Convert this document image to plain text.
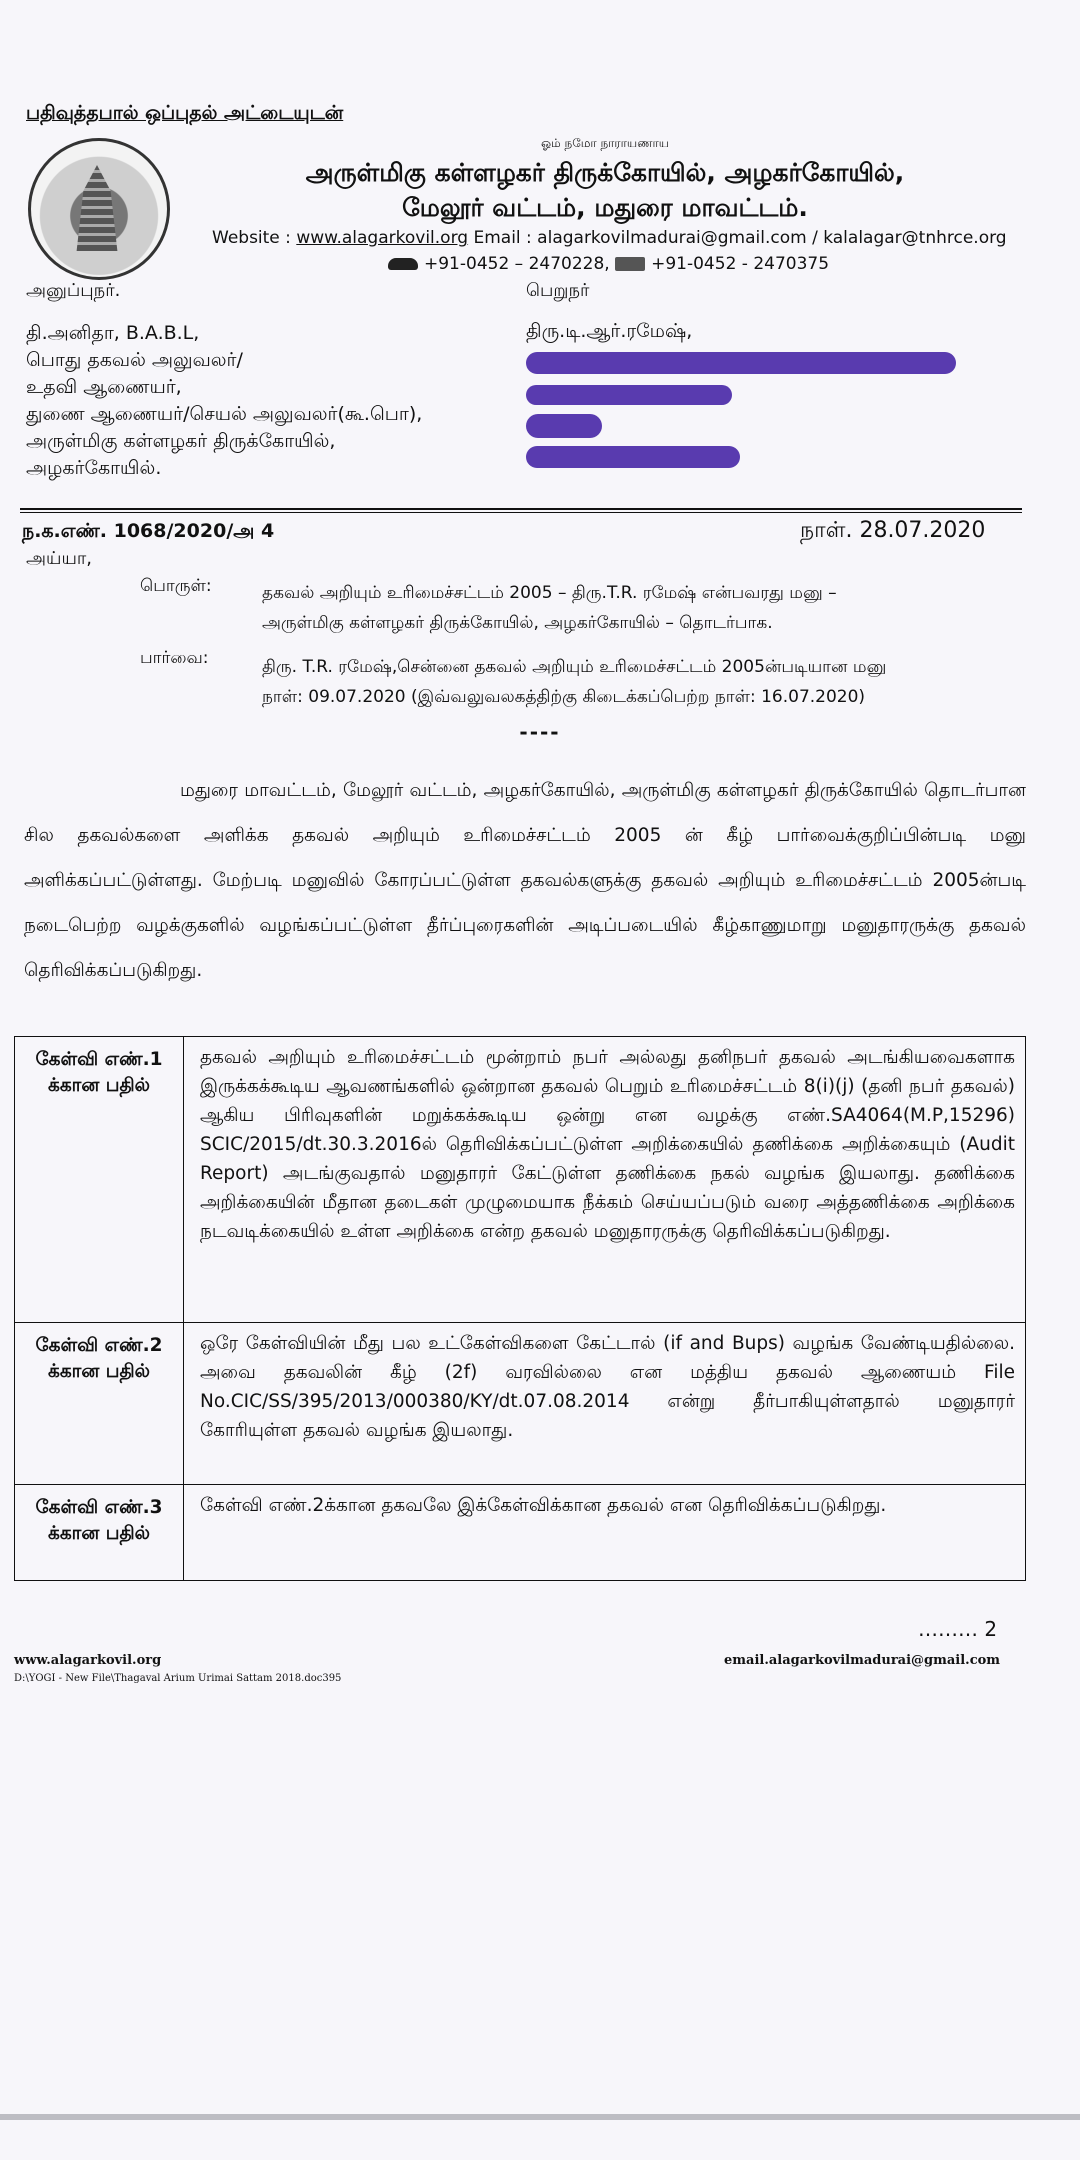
பதிவுத்தபால் ஒப்புதல் அட்டையுடன்
ஓம் நமோ நாராயணாய
அருள்மிகு கள்ளழகர் திருக்கோயில், அழகர்கோயில்,
மேலூர் வட்டம், மதுரை மாவட்டம்.
Website : www.alagarkovil.org Email : alagarkovilmadurai@gmail.com / kalalagar@tnhrce.org
+91-0452 – 2470228, +91-0452 - 2470375
அனுப்புநர்.	பெறுநர்
தி.அனிதா, B.A.B.L,
பொது தகவல் அலுவலர்/
உதவி ஆணையர்,
துணை ஆணையர்/செயல் அலுவலர்(கூ.பொ),
அருள்மிகு கள்ளழகர் திருக்கோயில்,
அழகர்கோயில்.
திரு.டி.ஆர்.ரமேஷ்,
ந.க.எண். 1068/2020/அ 4	நாள். 28.07.2020
அய்யா,
பொருள்:	தகவல் அறியும் உரிமைச்சட்டம் 2005 – திரு.T.R. ரமேஷ் என்பவரது மனு –
அருள்மிகு கள்ளழகர் திருக்கோயில், அழகர்கோயில் – தொடர்பாக.
பார்வை:	திரு. T.R. ரமேஷ்,சென்னை தகவல் அறியும் உரிமைச்சட்டம் 2005ன்படியான மனு
நாள்: 09.07.2020 (இவ்வலுவலகத்திற்கு கிடைக்கப்பெற்ற நாள்: 16.07.2020)
----
மதுரை மாவட்டம், மேலூர் வட்டம், அழகர்கோயில், அருள்மிகு கள்ளழகர் திருக்கோயில் தொடர்பான சில தகவல்களை அளிக்க தகவல் அறியும் உரிமைச்சட்டம் 2005 ன் கீழ் பார்வைக்குறிப்பின்படி மனு அளிக்கப்பட்டுள்ளது. மேற்படி மனுவில் கோரப்பட்டுள்ள தகவல்களுக்கு தகவல் அறியும் உரிமைச்சட்டம் 2005ன்படி நடைபெற்ற வழக்குகளில் வழங்கப்பட்டுள்ள தீர்ப்புரைகளின் அடிப்படையில் கீழ்காணுமாறு மனுதாரருக்கு தகவல் தெரிவிக்கப்படுகிறது.
கேள்வி எண்.1 க்கான பதில்	தகவல் அறியும் உரிமைச்சட்டம் மூன்றாம் நபர் அல்லது தனிநபர் தகவல் அடங்கியவைகளாக இருக்கக்கூடிய ஆவணங்களில் ஒன்றான தகவல் பெறும் உரிமைச்சட்டம் 8(i)(j) (தனி நபர் தகவல்) ஆகிய பிரிவுகளின் மறுக்கக்கூடிய ஒன்று என வழக்கு எண்.SA4064(M.P,15296) SCIC/2015/dt.30.3.2016ல் தெரிவிக்கப்பட்டுள்ள அறிக்கையில் தணிக்கை அறிக்கையும் (Audit Report) அடங்குவதால் மனுதாரர் கேட்டுள்ள தணிக்கை நகல் வழங்க இயலாது. தணிக்கை அறிக்கையின் மீதான தடைகள் முழுமையாக நீக்கம் செய்யப்படும் வரை அத்தணிக்கை அறிக்கை நடவடிக்கையில் உள்ள அறிக்கை என்ற தகவல் மனுதாரருக்கு தெரிவிக்கப்படுகிறது.
கேள்வி எண்.2 க்கான பதில்	ஒரே கேள்வியின் மீது பல உட்கேள்விகளை கேட்டால் (if and Bups) வழங்க வேண்டியதில்லை. அவை தகவலின் கீழ் (2f) வரவில்லை என மத்திய தகவல் ஆணையம் File No.CIC/SS/395/2013/000380/KY/dt.07.08.2014 என்று தீர்பாகியுள்ளதால் மனுதாரர் கோரியுள்ள தகவல் வழங்க இயலாது.
கேள்வி எண்.3 க்கான பதில்	கேள்வி எண்.2க்கான தகவலே இக்கேள்விக்கான தகவல் என தெரிவிக்கப்படுகிறது.
……… 2
www.alagarkovil.org	email.alagarkovilmadurai@gmail.com
D:\YOGI - New File\Thagaval Arium Urimai Sattam 2018.doc395
